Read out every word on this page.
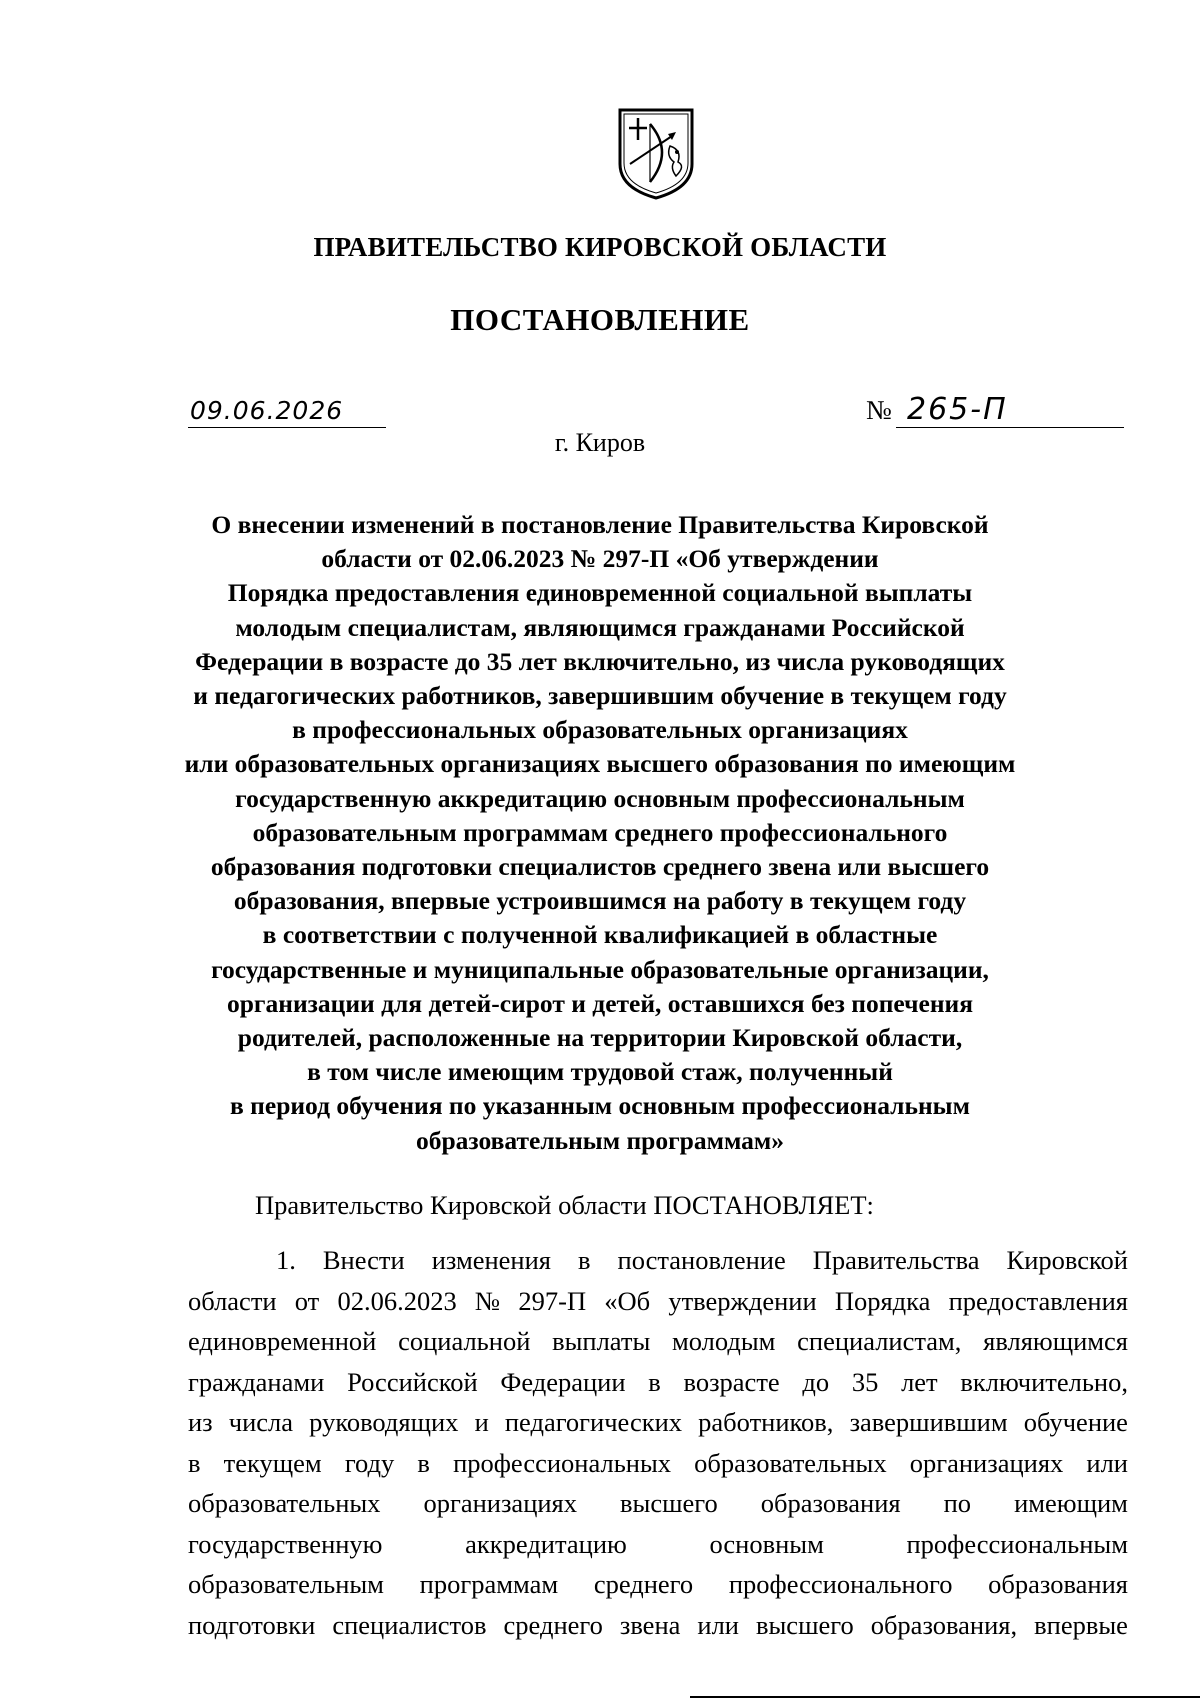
ПРАВИТЕЛЬСТВО КИРОВСКОЙ ОБЛАСТИ
ПОСТАНОВЛЕНИЕ
09.06.2026	№ 265-П
г. Киров
О внесении изменений в постановление Правительства Кировской
области от 02.06.2023 № 297-П «Об утверждении
Порядка предоставления единовременной социальной выплаты
молодым специалистам, являющимся гражданами Российской
Федерации в возрасте до 35 лет включительно, из числа руководящих
и педагогических работников, завершившим обучение в текущем году
в профессиональных образовательных организациях
или образовательных организациях высшего образования по имеющим
государственную аккредитацию основным профессиональным
образовательным программам среднего профессионального
образования подготовки специалистов среднего звена или высшего
образования, впервые устроившимся на работу в текущем году
в соответствии с полученной квалификацией в областные
государственные и муниципальные образовательные организации,
организации для детей-сирот и детей, оставшихся без попечения
родителей, расположенные на территории Кировской области,
в том числе имеющим трудовой стаж, полученный
в период обучения по указанным основным профессиональным
образовательным программам»

Правительство Кировской области ПОСТАНОВЛЯЕТ:

1. Внести изменения в постановление Правительства Кировской
области от 02.06.2023 № 297-П «Об утверждении Порядка предоставления
единовременной социальной выплаты молодым специалистам, являющимся
гражданами Российской Федерации в возрасте до 35 лет включительно,
из числа руководящих и педагогических работников, завершившим обучение
в текущем году в профессиональных образовательных организациях или
образовательных организациях высшего образования по имеющим
государственную	аккредитацию	основным	профессиональным
образовательным программам среднего профессионального образования
подготовки специалистов среднего звена или высшего образования, впервые
